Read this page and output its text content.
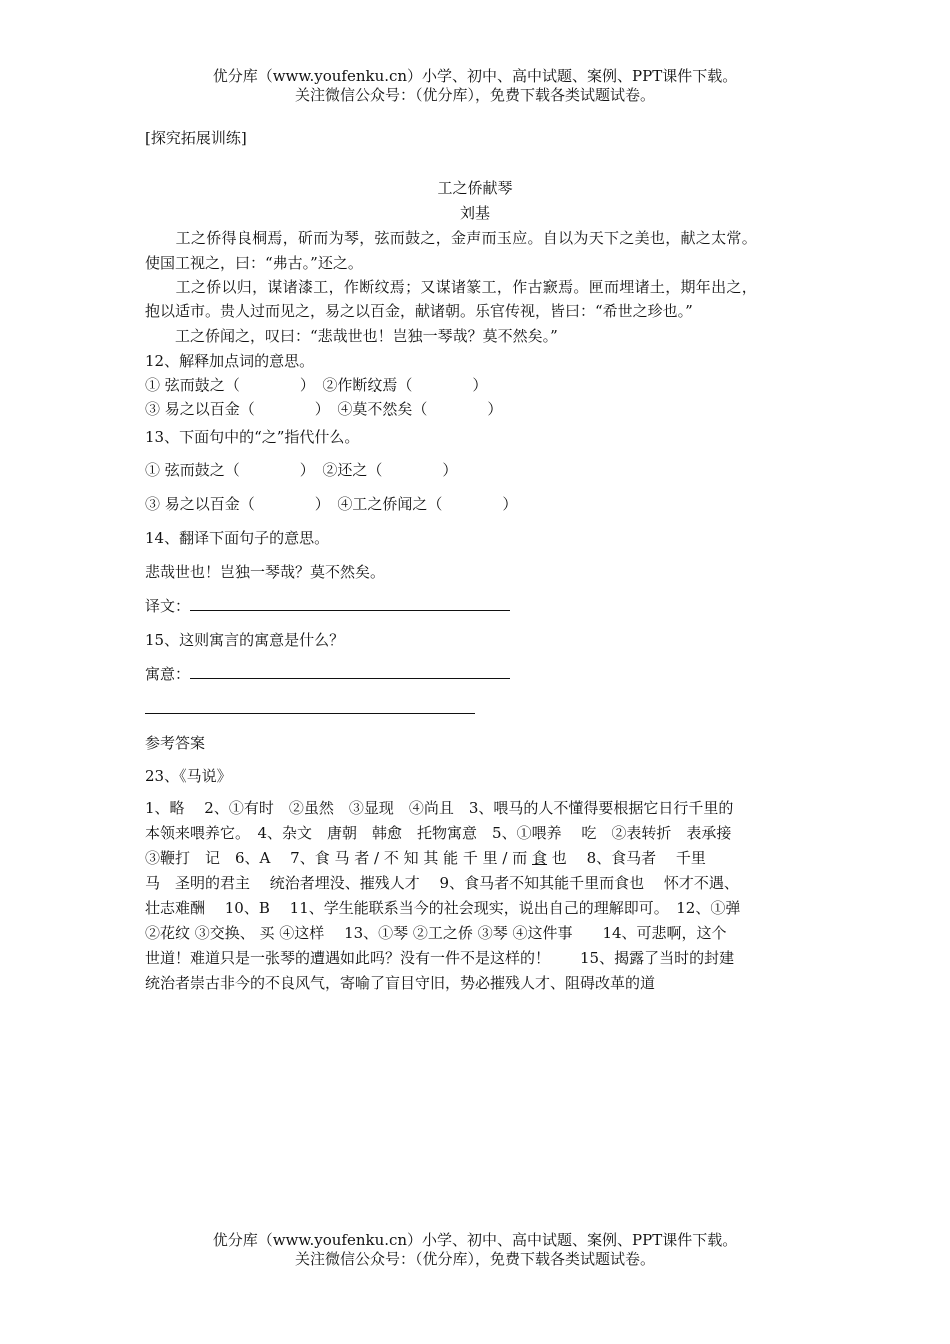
优分库（www.youfenku.cn）小学、初中、高中试题、案例、PPT课件下载。
关注微信公众号：（优分库），免费下载各类试题试卷。
[探究拓展训练]
工之侨献琴
刘基
　　工之侨得良桐焉，斫而为琴，弦而鼓之，金声而玉应。自以为天下之美也，献之太常。
使国工视之，曰：“弗古。”还之。
　　工之侨以归，谋诸漆工，作断纹焉；又谋诸篆工，作古窾焉。匣而埋诸土，期年出之，
抱以适市。贵人过而见之，易之以百金，献诸朝。乐官传视，皆曰：“希世之珍也。”
　　工之侨闻之，叹曰：“悲哉世也！岂独一琴哉？莫不然矣。”
12、解释加点词的意思。
① 弦而鼓之（	）　②作断纹焉（	）
③ 易之以百金（	）　④莫不然矣（	）
13、下面句中的“之”指代什么。
① 弦而鼓之（	）　②还之（	）
③ 易之以百金（	）　④工之侨闻之（	）
14、翻译下面句子的意思。
悲哉世也！岂独一琴哉？莫不然矣。
译文：
15、这则寓言的寓意是什么？
寓意：
参考答案
23、《马说》
1、略　 2、①有时　②虽然　③显现　④尚且　3、喂马的人不懂得要根据它日行千里的
本领来喂养它。　4、杂文　唐朝　韩愈　托物寓意　5、①喂养　 吃　②表转折　表承接
③鞭打　记　6、A　 7、食 马 者 / 不 知 其 能 千 里 / 而 食 也　 8、食马者　 千里
马　圣明的君主　 统治者埋没、摧残人才　 9、食马者不知其能千里而食也　 怀才不遇、
壮志难酬　 10、B　 11、学生能联系当今的社会现实，说出自己的理解即可。　12、①弹
②花纹 ③交换、 买 ④这样　 13、①琴 ②工之侨 ③琴 ④这件事　　14、可悲啊，这个
世道！难道只是一张琴的遭遇如此吗？没有一件不是这样的！　　15、揭露了当时的封建
统治者崇古非今的不良风气，寄喻了盲目守旧，势必摧残人才、阻碍改革的道
优分库（www.youfenku.cn）小学、初中、高中试题、案例、PPT课件下载。
关注微信公众号：（优分库），免费下载各类试题试卷。
